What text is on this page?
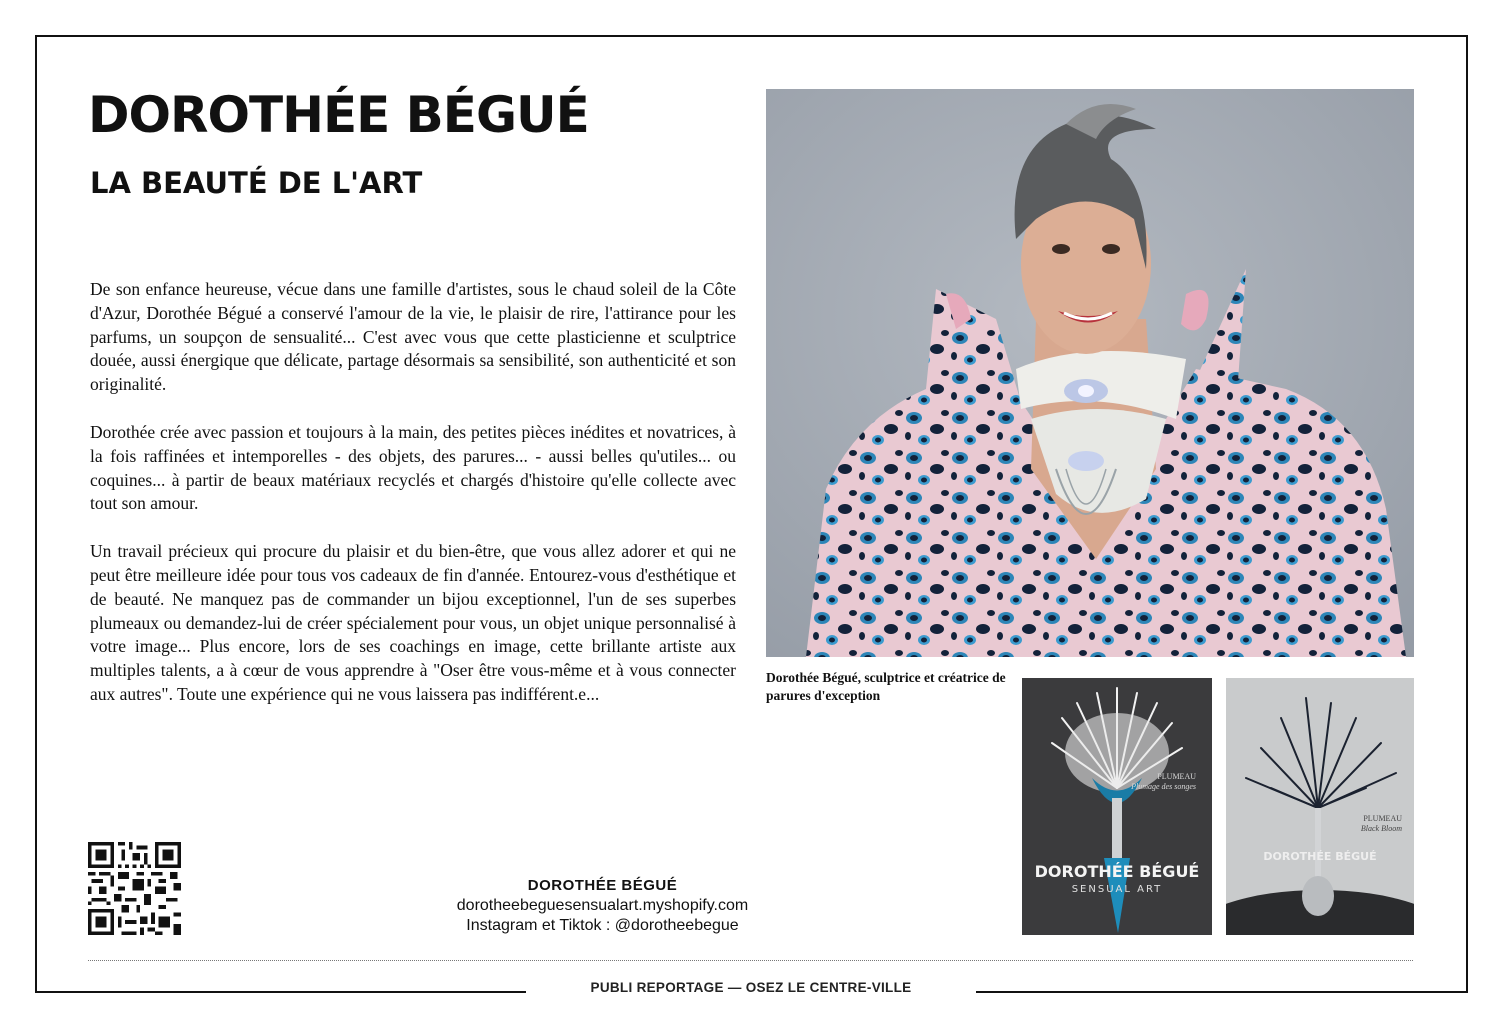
DOROTHÉE BÉGUÉ
LA BEAUTÉ DE L'ART

De son enfance heureuse, vécue dans une famille d'artistes, sous le chaud soleil de la Côte d'Azur, Dorothée Bégué a conservé l'amour de la vie, le plaisir de rire, l'attirance pour les parfums, un soupçon de sensualité... C'est avec vous que cette plasticienne et sculptrice douée, aussi énergique que délicate, partage désormais sa sensibilité, son authenticité et son originalité.

Dorothée crée avec passion et toujours à la main, des petites pièces inédites et novatrices, à la fois raffinées et intemporelles - des objets, des parures... - aussi belles qu'utiles... ou coquines... à partir de beaux matériaux recyclés et chargés d'histoire qu'elle collecte avec tout son amour.

Un travail précieux qui procure du plaisir et du bien-être, que vous allez adorer et qui ne peut être meilleure idée pour tous vos cadeaux de fin d'année. Entourez-vous d'esthétique et de beauté. Ne manquez pas de commander un bijou exceptionnel, l'un de ses superbes plumeaux ou demandez-lui de créer spécialement pour vous, un objet unique personnalisé à votre image... Plus encore, lors de ses coachings en image, cette brillante artiste aux multiples talents, a à cœur de vous apprendre à "Oser être vous-même et à vous connecter aux autres". Toute une expérience qui ne vous laissera pas indifférent.e...

DOROTHÉE BÉGUÉ
dorotheebeguesensualart.myshopify.com
Instagram et Tiktok : @dorotheebegue
Dorothée Bégué, sculptrice et créatrice de parures d'exception
PLUMEAU
Plumage des songes
DOROTHÉE BÉGUÉ
SENSUAL ART
PLUMEAU
Black Bloom
DOROTHÉE BÉGUÉ
PUBLI REPORTAGE — OSEZ LE CENTRE-VILLE
